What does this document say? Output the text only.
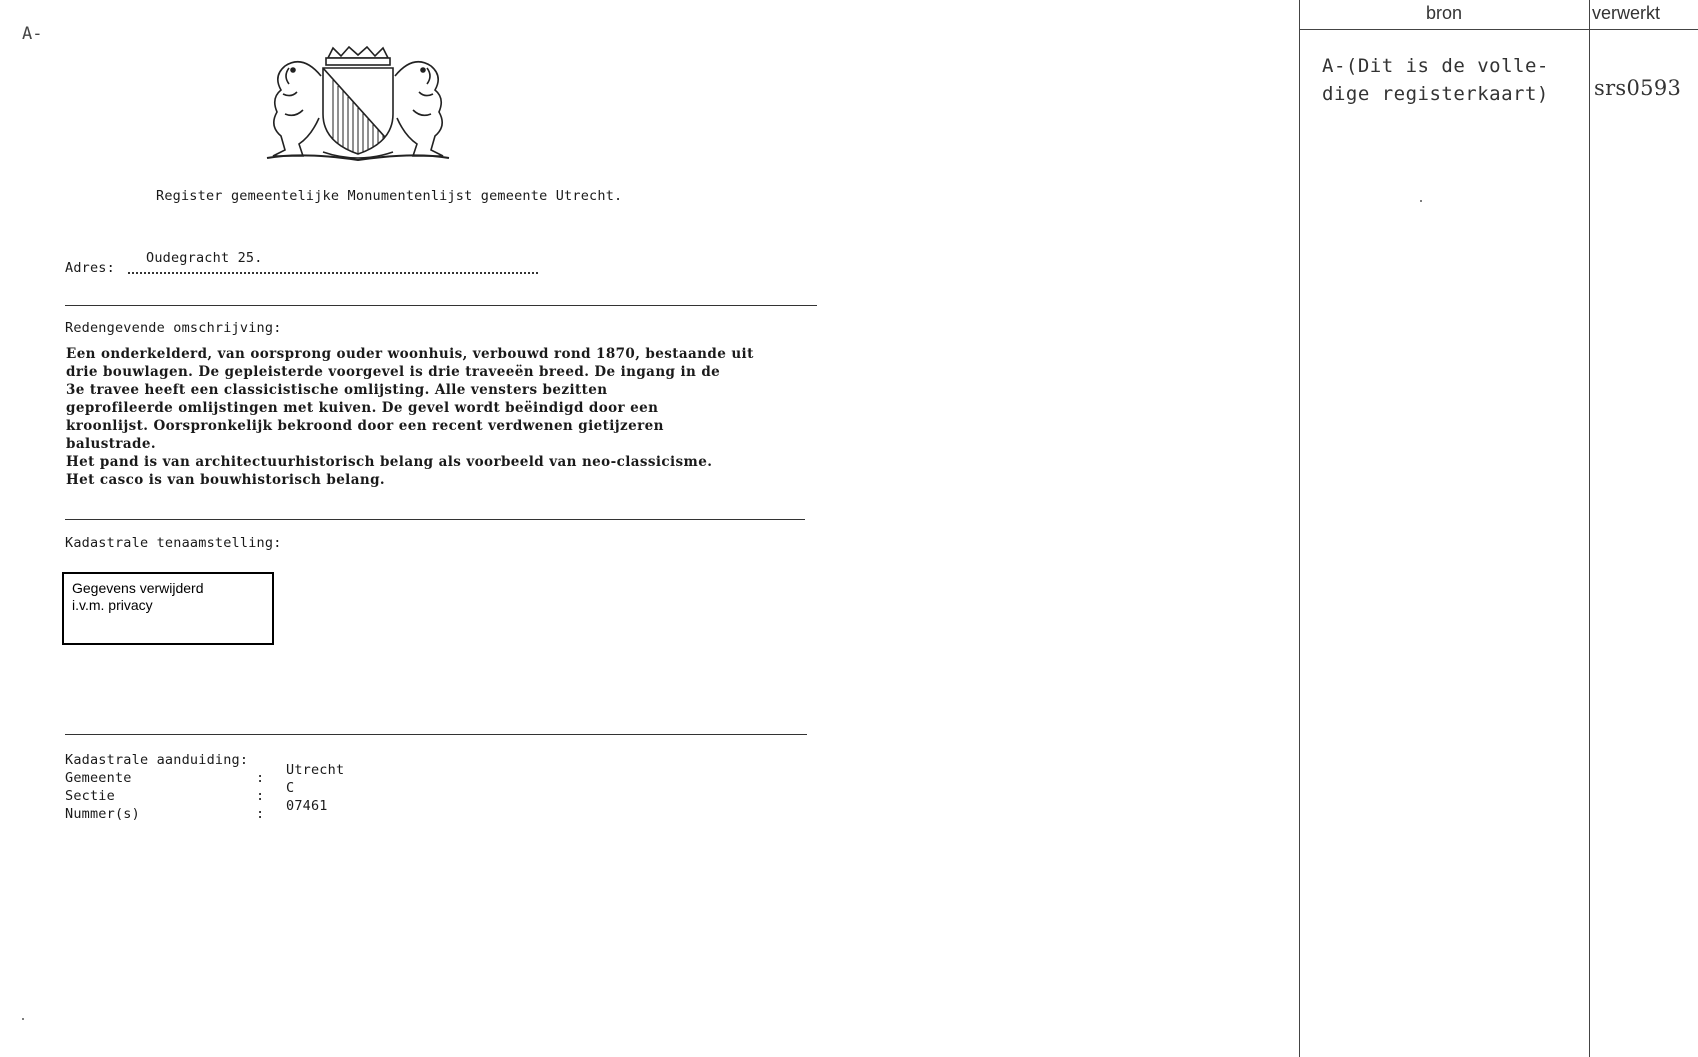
A-
Register gemeentelijke Monumentenlijst gemeente Utrecht.
Oudegracht 25.
Adres:
Redengevende omschrijving:

Een onderkelderd, van oorsprong ouder woonhuis, verbouwd rond 1870, bestaande uit

drie bouwlagen. De gepleisterde voorgevel is drie traveeën breed. De ingang in de

3e travee heeft een classicistische omlijsting. Alle vensters bezitten

geprofileerde omlijstingen met kuiven. De gevel wordt beëindigd door een

kroonlijst. Oorspronkelijk bekroond door een recent verdwenen gietijzeren

balustrade.

Het pand is van architectuurhistorisch belang als voorbeeld van neo-classicisme.

Het casco is van bouwhistorisch belang.

Kadastrale tenaamstelling:
Gegevens verwijderd
i.v.m. privacy
Kadastrale aanduiding:
Gemeente	: Utrecht
Sectie	: C
Nummer(s)	: 07461
bron	verwerkt
A-(Dit is de volle-
dige registerkaart) srs0593
